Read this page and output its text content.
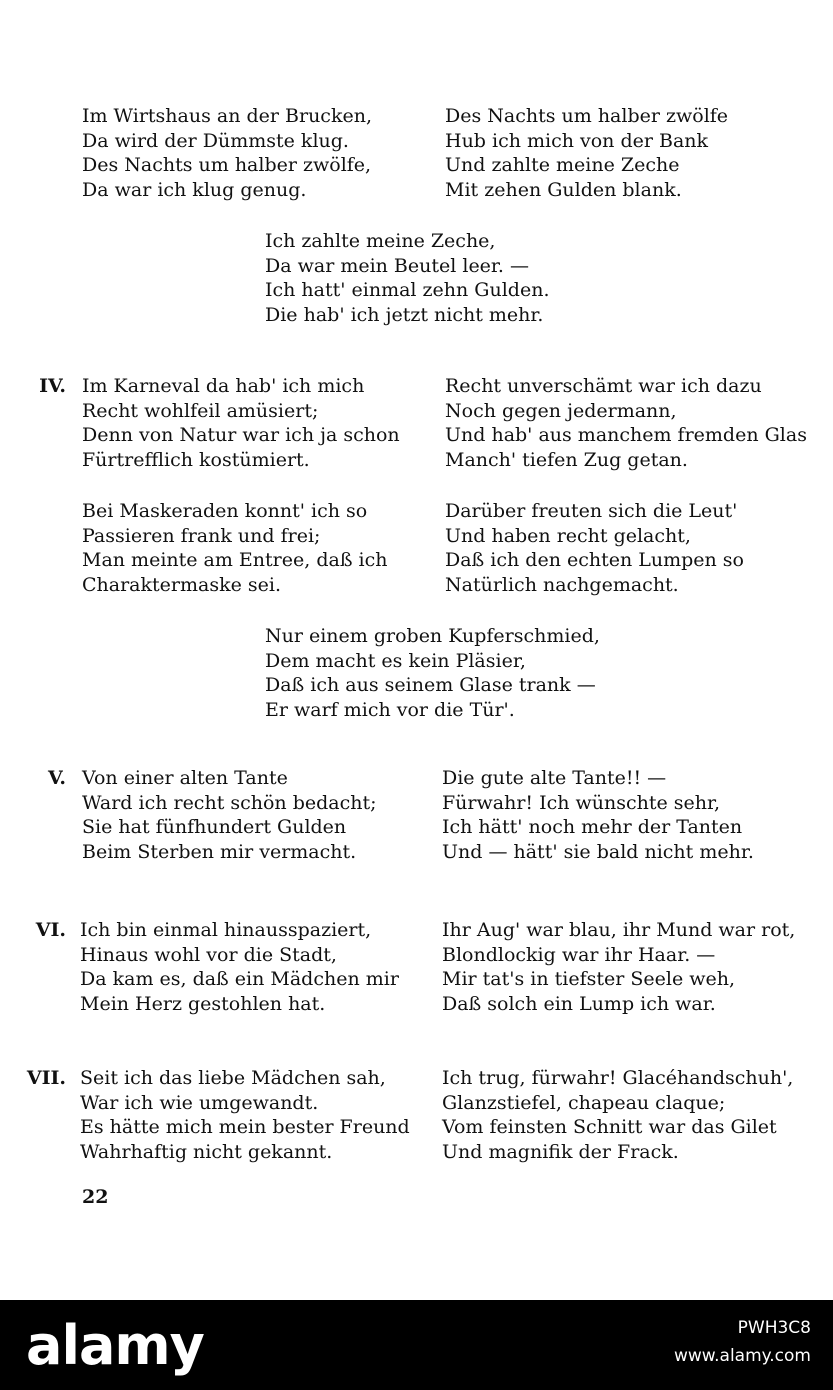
Im Wirtshaus an der Brucken,
Da wird der Dümmste klug.
Des Nachts um halber zwölfe,
Da war ich klug genug.
Des Nachts um halber zwölfe
Hub ich mich von der Bank
Und zahlte meine Zeche
Mit zehen Gulden blank.
Ich zahlte meine Zeche,
Da war mein Beutel leer. —
Ich hatt' einmal zehn Gulden.
Die hab' ich jetzt nicht mehr.
IV. Im Karneval da hab' ich mich
Recht wohlfeil amüsiert;
Denn von Natur war ich ja schon
Fürtrefflich kostümiert.
Recht unverschämt war ich dazu
Noch gegen jedermann,
Und hab' aus manchem fremden Glas
Manch' tiefen Zug getan.
Bei Maskeraden konnt' ich so
Passieren frank und frei;
Man meinte am Entree, daß ich
Charaktermaske sei.
Darüber freuten sich die Leut'
Und haben recht gelacht,
Daß ich den echten Lumpen so
Natürlich nachgemacht.
Nur einem groben Kupferschmied,
Dem macht es kein Pläsier,
Daß ich aus seinem Glase trank —
Er warf mich vor die Tür'.
V. Von einer alten Tante
Ward ich recht schön bedacht;
Sie hat fünfhundert Gulden
Beim Sterben mir vermacht.
Die gute alte Tante!! —
Fürwahr! Ich wünschte sehr,
Ich hätt' noch mehr der Tanten
Und — hätt' sie bald nicht mehr.
VI. Ich bin einmal hinausspaziert,
Hinaus wohl vor die Stadt,
Da kam es, daß ein Mädchen mir
Mein Herz gestohlen hat.
Ihr Aug' war blau, ihr Mund war rot,
Blondlockig war ihr Haar. —
Mir tat's in tiefster Seele weh,
Daß solch ein Lump ich war.
VII. Seit ich das liebe Mädchen sah,
War ich wie umgewandt.
Es hätte mich mein bester Freund
Wahrhaftig nicht gekannt.
Ich trug, fürwahr! Glacéhandschuh',
Glanzstiefel, chapeau claque;
Vom feinsten Schnitt war das Gilet
Und magnifik der Frack.
22
alamy	PWH3C8
www.alamy.com
